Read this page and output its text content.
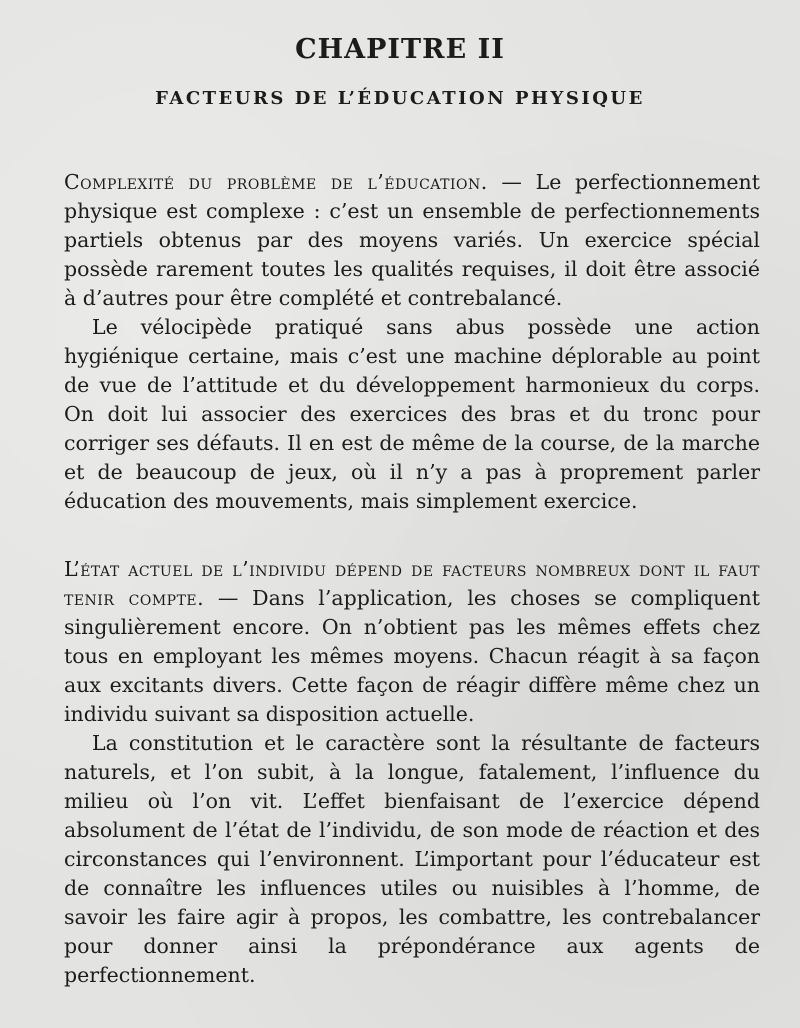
CHAPITRE II
FACTEURS DE L’ÉDUCATION PHYSIQUE

Complexité du problème de l’éducation. — Le perfectionnement physique est complexe : c’est un ensemble de perfectionnements partiels obtenus par des moyens variés. Un exercice spécial possède rarement toutes les qualités requises, il doit être associé à d’autres pour être complété et contrebalancé.

Le vélocipède pratiqué sans abus possède une action hygiénique certaine, mais c’est une machine déplorable au point de vue de l’attitude et du développement harmonieux du corps. On doit lui associer des exercices des bras et du tronc pour corriger ses défauts. Il en est de même de la course, de la marche et de beaucoup de jeux, où il n’y a pas à proprement parler éducation des mouvements, mais simplement exercice.

L’état actuel de l’individu dépend de facteurs nombreux dont il faut tenir compte. — Dans l’application, les choses se compliquent singulièrement encore. On n’obtient pas les mêmes effets chez tous en employant les mêmes moyens. Chacun réagit à sa façon aux excitants divers. Cette façon de réagir diffère même chez un individu suivant sa disposition actuelle.

La constitution et le caractère sont la résultante de facteurs naturels, et l’on subit, à la longue, fatalement, l’influence du milieu où l’on vit. L’effet bienfaisant de l’exercice dépend absolument de l’état de l’individu, de son mode de réaction et des circonstances qui l’environnent. L’important pour l’éducateur est de connaître les influences utiles ou nuisibles à l’homme, de savoir les faire agir à propos, les combattre, les contrebalancer pour donner ainsi la prépondérance aux agents de perfectionnement.
